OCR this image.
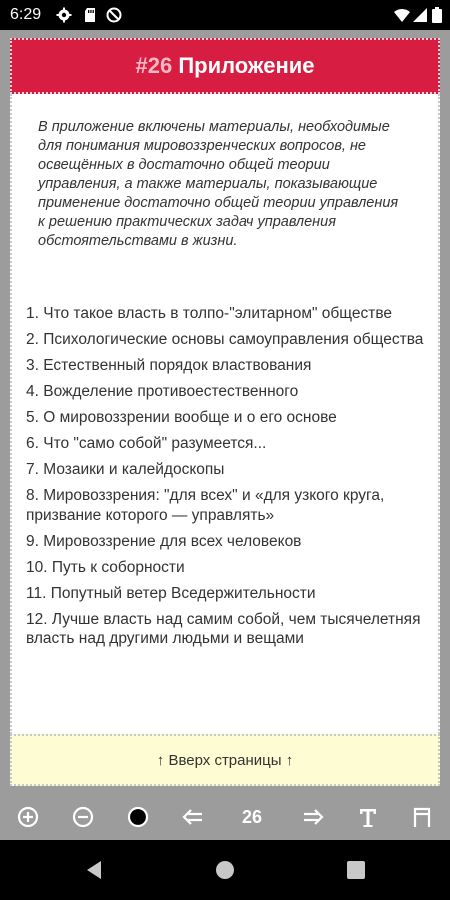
6:29
#26 Приложение

В приложение включены материалы, необходимые для понимания мировоззренческих вопросов, не освещённых в достаточно общей теории управления, а также материалы, показывающие применение достаточно общей теории управления к решению практических задач управления обстоятельствами в жизни.

1. Что такое власть в толпо-"элитарном" обществе
2. Психологические основы самоуправления общества
3. Естественный порядок властвования
4. Вожделение противоестественного
5. О мировоззрении вообще и о его основе
6. Что "само собой" разумеется...
7. Мозаики и калейдоскопы
8. Мировоззрения: "для всех" и «для узкого круга, призвание которого — управлять»
9. Мировоззрение для всех человеков
10. Путь к соборности
11. Попутный ветер Вседержительности
12. Лучше власть над самим собой, чем тысячелетняя власть над другими людьми и вещами
↑ Вверх страницы ↑
26
